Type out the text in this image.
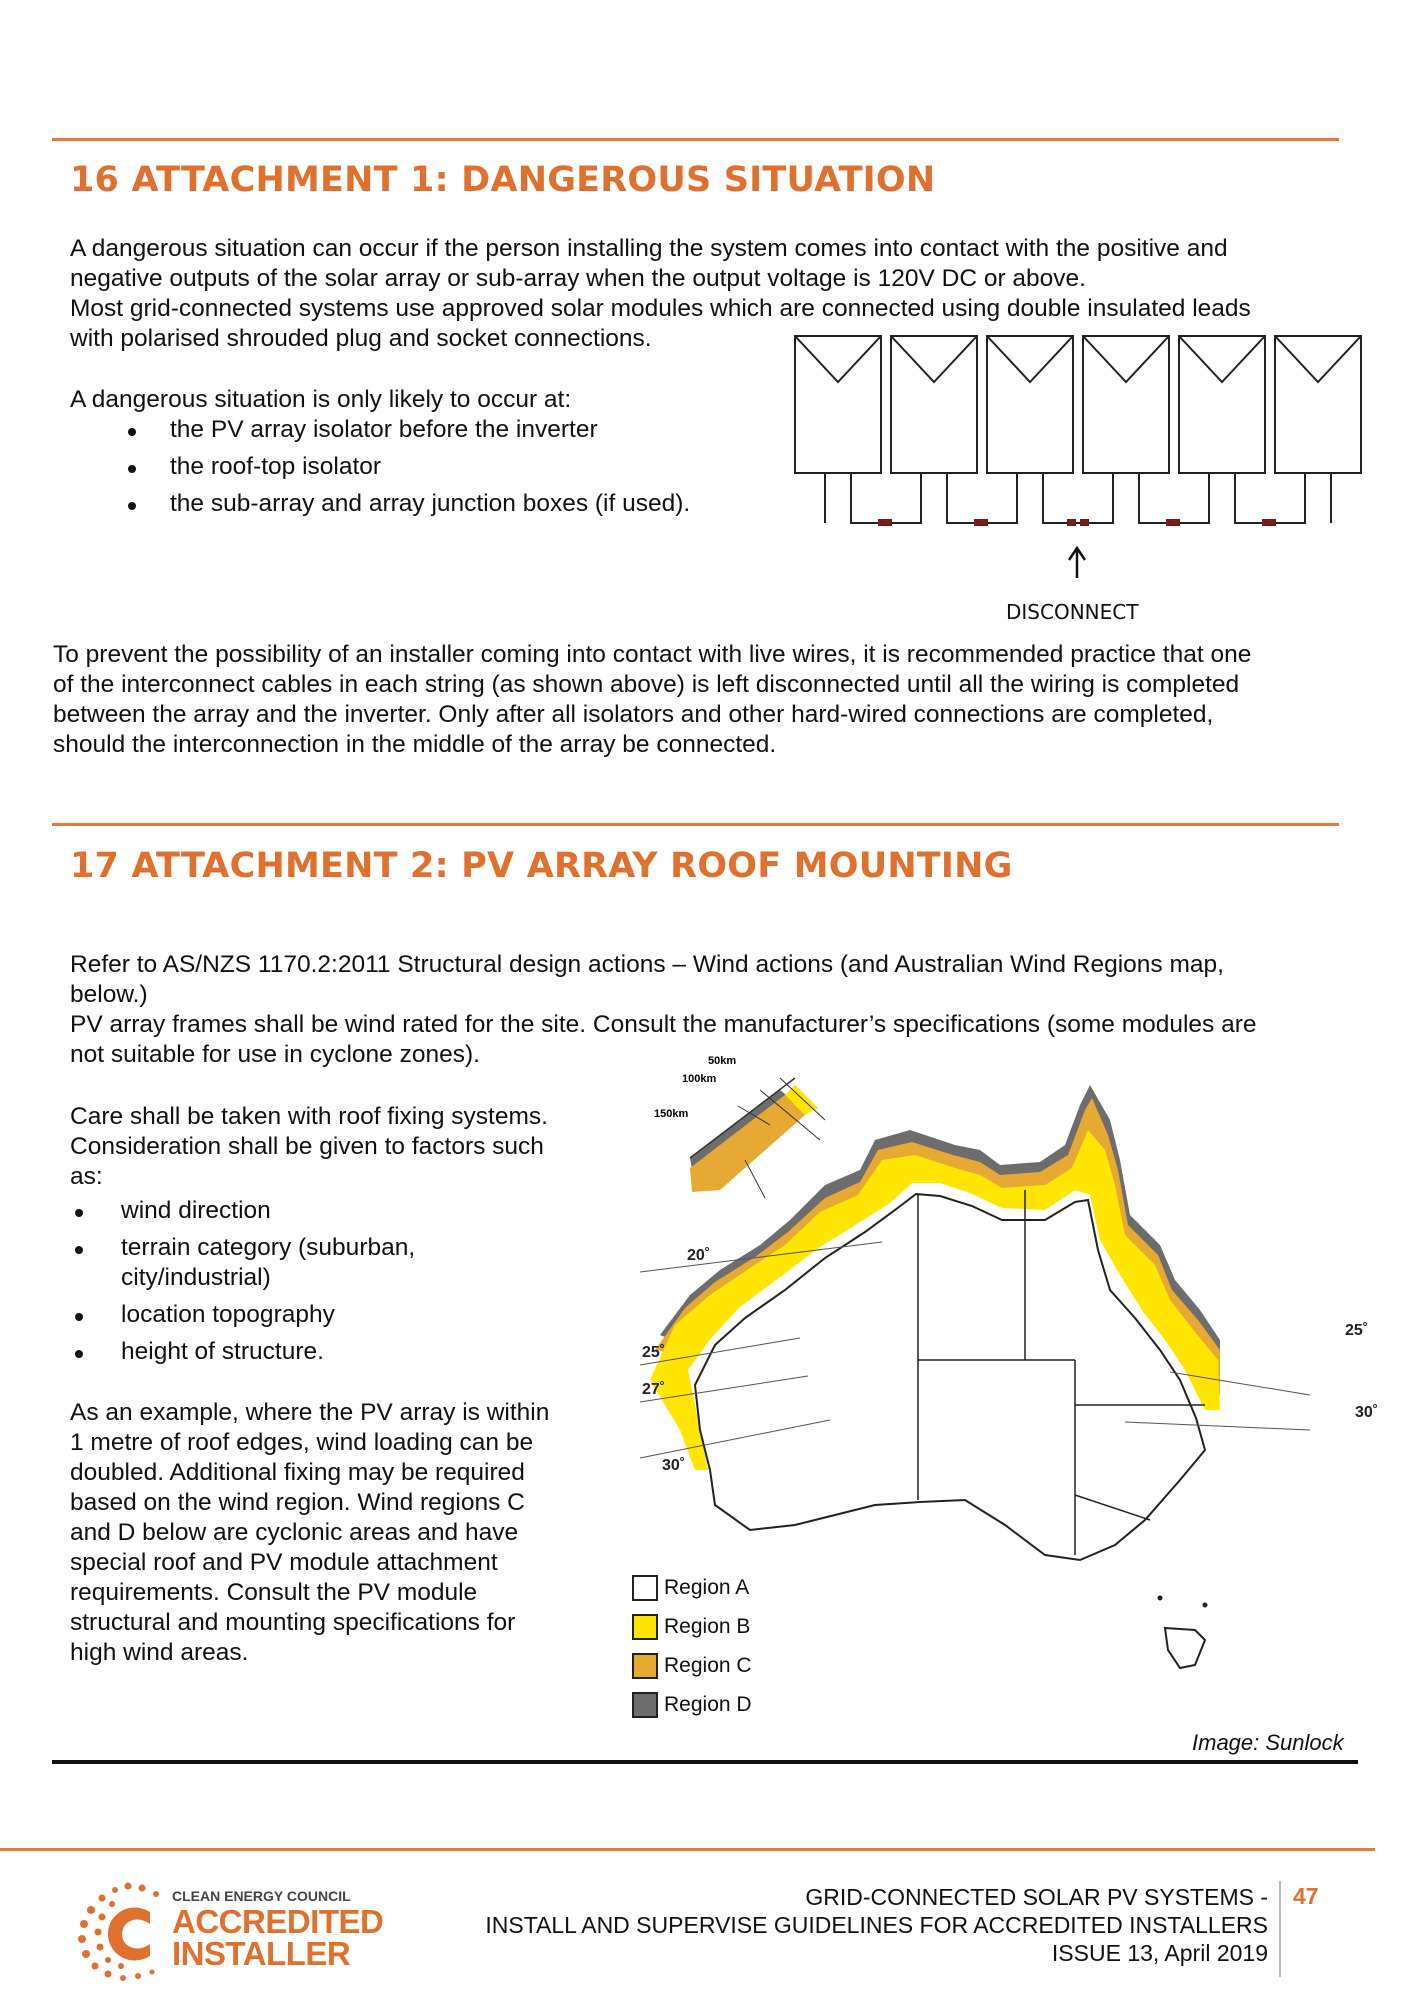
16 ATTACHMENT 1: DANGEROUS SITUATION

A dangerous situation can occur if the person installing the system comes into contact with the positive and
negative outputs of the solar array or sub-array when the output voltage is 120V DC or above.
Most grid-connected systems use approved solar modules which are connected using double insulated leads
with polarised shrouded plug and socket connections.

A dangerous situation is only likely to occur at:

the PV array isolator before the inverter
the roof-top isolator
the sub-array and array junction boxes (if used).
DISCONNECT

To prevent the possibility of an installer coming into contact with live wires, it is recommended practice that one
of the interconnect cables in each string (as shown above) is left disconnected until all the wiring is completed
between the array and the inverter. Only after all isolators and other hard-wired connections are completed,
should the interconnection in the middle of the array be connected.

17 ATTACHMENT 2: PV ARRAY ROOF MOUNTING

Refer to AS/NZS 1170.2:2011 Structural design actions – Wind actions (and Australian Wind Regions map,
below.)
PV array frames shall be wind rated for the site. Consult the manufacturer’s specifications (some modules are
not suitable for use in cyclone zones).

Care shall be taken with roof fixing systems.
Consideration shall be given to factors such
as:

wind direction
terrain category (suburban,
city/industrial)
location topography
height of structure.

As an example, where the PV array is within
1 metre of roof edges, wind loading can be
doubled. Additional fixing may be required
based on the wind region. Wind regions C
and D below are cyclonic areas and have
special roof and PV module attachment
requirements. Consult the PV module
structural and mounting specifications for
high wind areas.

50km
100km
150km
20˚
25˚
27˚
30˚
25˚
30˚
Region A
Region B
Region C
Region D
Image: Sunlock
CLEAN ENERGY COUNCIL
ACCREDITED
INSTALLER
GRID-CONNECTED SOLAR PV SYSTEMS -
INSTALL AND SUPERVISE GUIDELINES FOR ACCREDITED INSTALLERS
ISSUE 13, April 2019
47
